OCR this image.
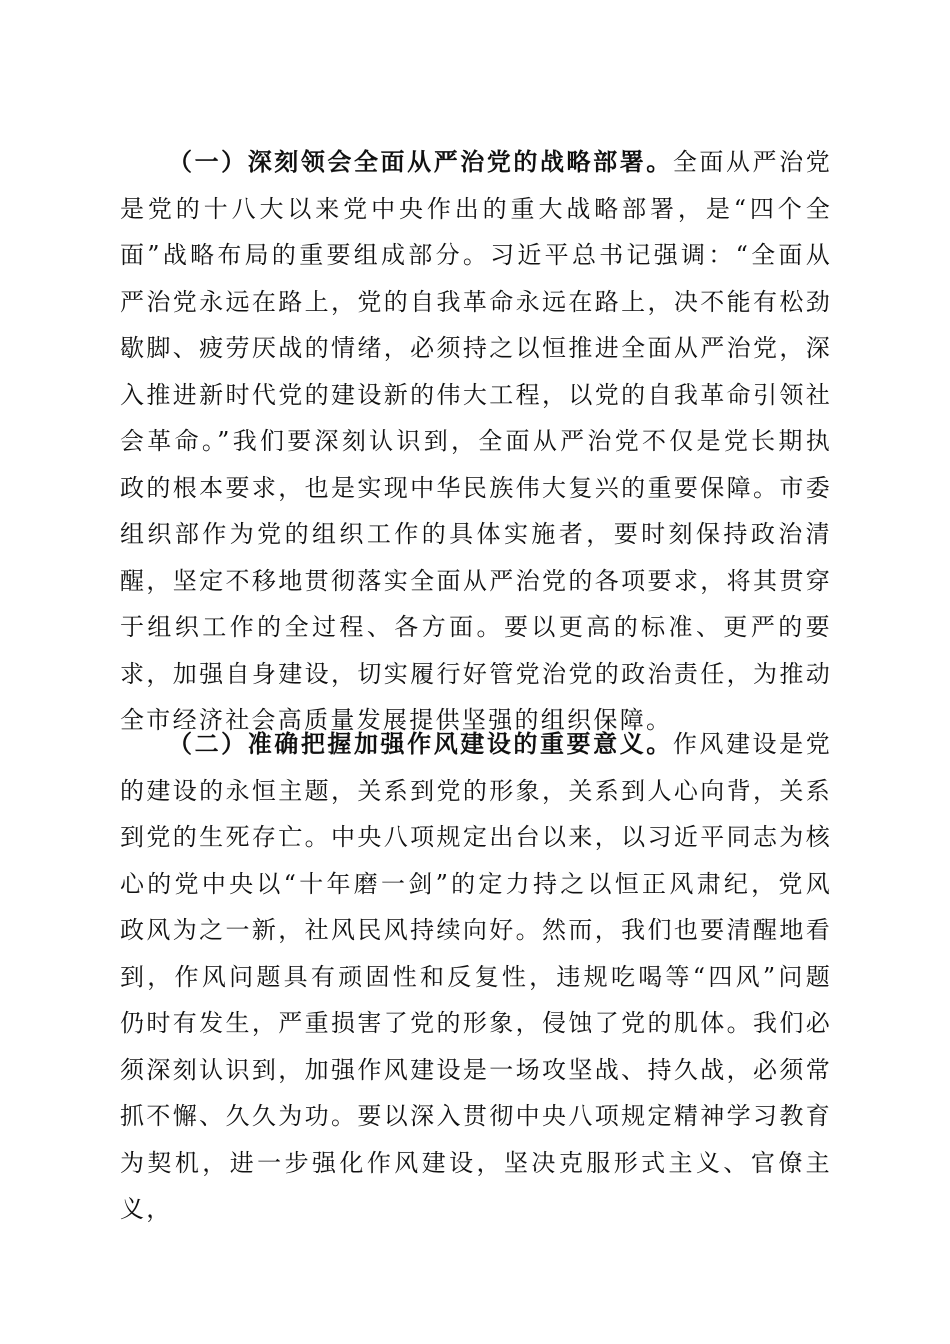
（一）深刻领会全面从严治党的战略部署。全面从严治党是党的十八大以来党中央作出的重大战略部署，是“四个全面”战略布局的重要组成部分。习近平总书记强调：“全面从严治党永远在路上，党的自我革命永远在路上，决不能有松劲歇脚、疲劳厌战的情绪，必须持之以恒推进全面从严治党，深入推进新时代党的建设新的伟大工程，以党的自我革命引领社会革命。”我们要深刻认识到，全面从严治党不仅是党长期执政的根本要求，也是实现中华民族伟大复兴的重要保障。市委组织部作为党的组织工作的具体实施者，要时刻保持政治清醒，坚定不移地贯彻落实全面从严治党的各项要求，将其贯穿于组织工作的全过程、各方面。要以更高的标准、更严的要求，加强自身建设，切实履行好管党治党的政治责任，为推动全市经济社会高质量发展提供坚强的组织保障。

（二）准确把握加强作风建设的重要意义。作风建设是党的建设的永恒主题，关系到党的形象，关系到人心向背，关系到党的生死存亡。中央八项规定出台以来，以习近平同志为核心的党中央以“十年磨一剑”的定力持之以恒正风肃纪，党风政风为之一新，社风民风持续向好。然而，我们也要清醒地看到，作风问题具有顽固性和反复性，违规吃喝等“四风”问题仍时有发生，严重损害了党的形象，侵蚀了党的肌体。我们必须深刻认识到，加强作风建设是一场攻坚战、持久战，必须常抓不懈、久久为功。要以深入贯彻中央八项规定精神学习教育为契机，进一步强化作风建设，坚决克服形式主义、官僚主义，
